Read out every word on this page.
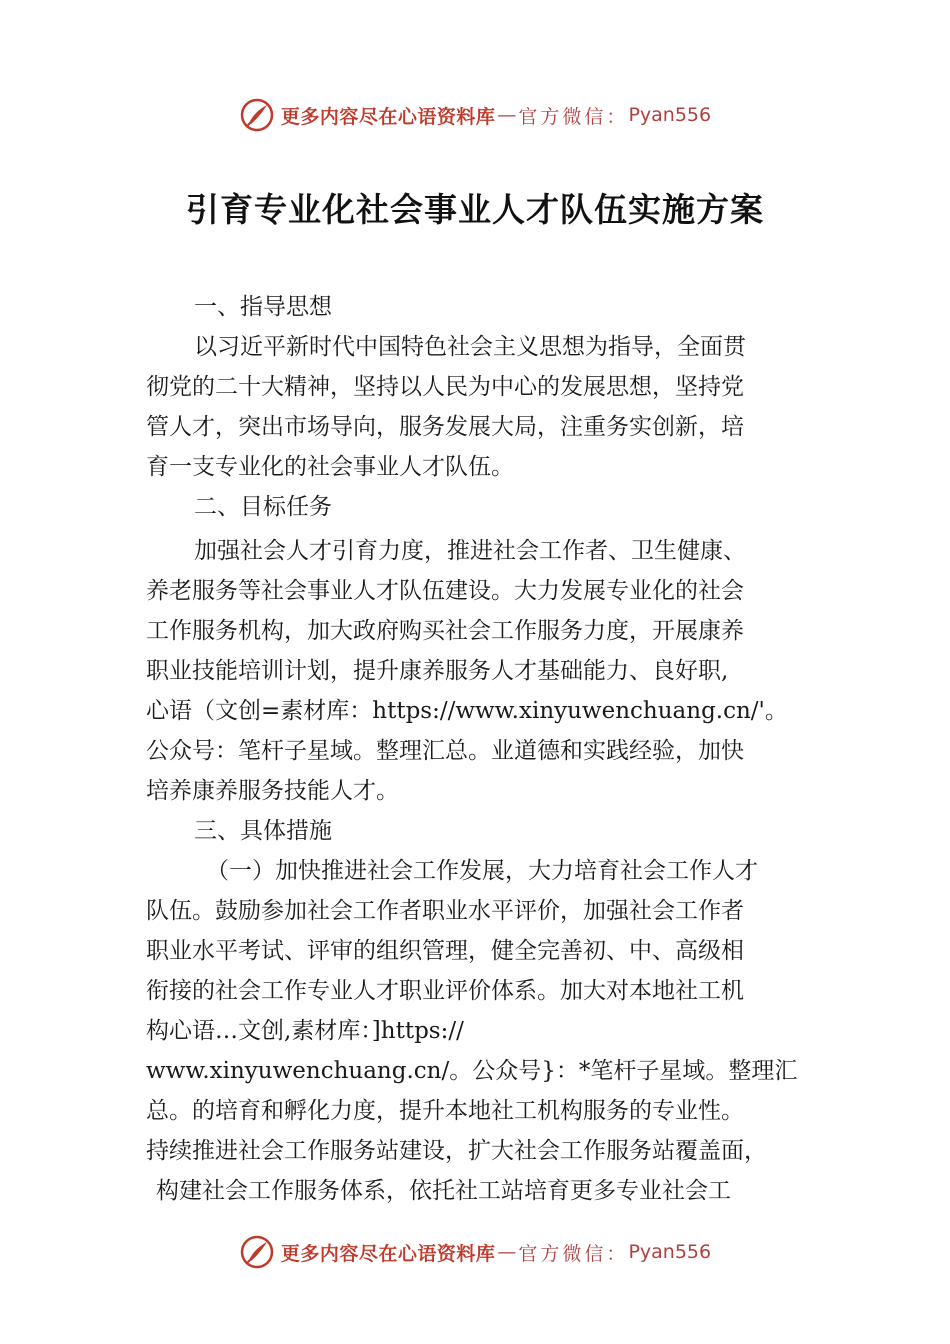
更多内容尽在心语资料库 — 官方微信： Pyan556
引育专业化社会事业人才队伍实施方案
一、指导思想
以习近平新时代中国特色社会主义思想为指导，全面贯
彻党的二十大精神，坚持以人民为中心的发展思想，坚持党
管人才，突出市场导向，服务发展大局，注重务实创新，培
育一支专业化的社会事业人才队伍。
二、目标任务
加强社会人才引育力度，推进社会工作者、卫生健康、
养老服务等社会事业人才队伍建设。大力发展专业化的社会
工作服务机构，加大政府购买社会工作服务力度，开展康养
职业技能培训计划，提升康养服务人才基础能力、良好职,
心语（文创=素材库：https://www.xinyuwenchuang.cn/'。
公众号：笔杆子星域。整理汇总。业道德和实践经验，加快
培养康养服务技能人才。
三、具体措施
（一）加快推进社会工作发展，大力培育社会工作人才
队伍。鼓励参加社会工作者职业水平评价，加强社会工作者
职业水平考试、评审的组织管理，健全完善初、中、高级相
衔接的社会工作专业人才职业评价体系。加大对本地社工机
构心语…文创,素材库：]https://
www.xinyuwenchuang.cn/。公众号}：*笔杆子星域。整理汇
总。的培育和孵化力度，提升本地社工机构服务的专业性。
持续推进社会工作服务站建设，扩大社会工作服务站覆盖面，
构建社会工作服务体系，依托社工站培育更多专业社会工
更多内容尽在心语资料库 — 官方微信： Pyan556
